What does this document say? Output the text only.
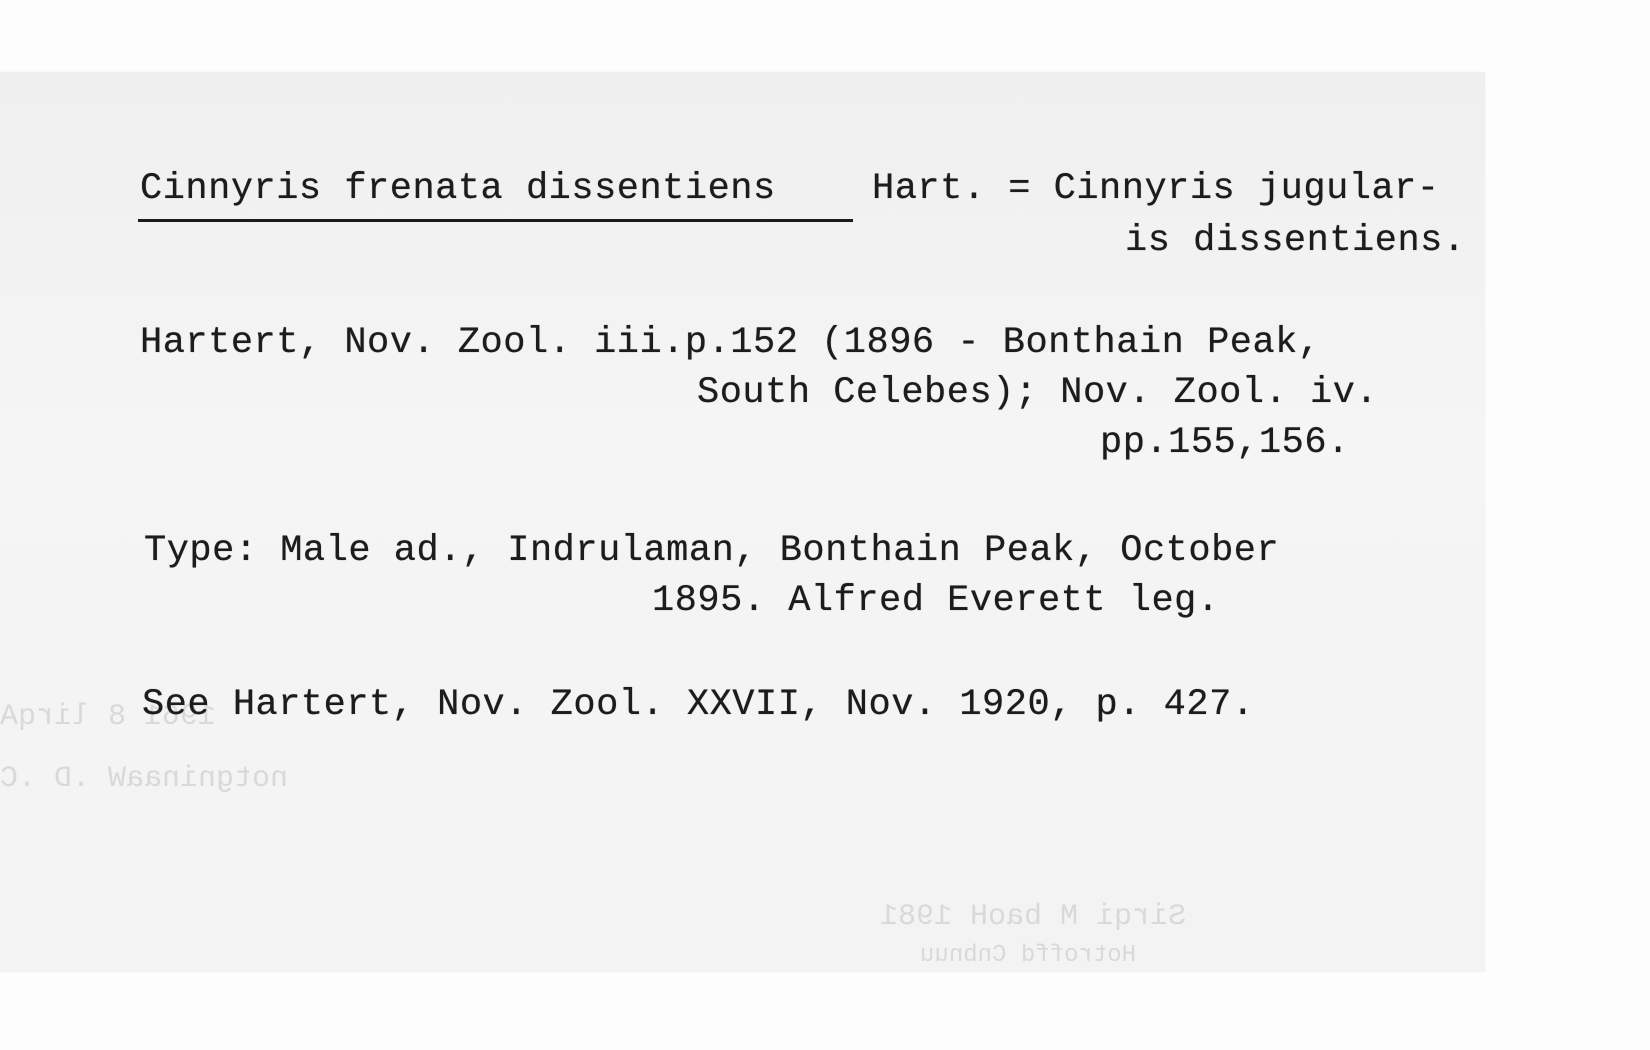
1961 8 lirqA
notgninaaW .D .C
Sirqi M baoH 1981
Hotroffd Cnbnuu
Cinnyris frenata dissentiens	Hart. = Cinnyris jugular-
is dissentiens.
Hartert, Nov. Zool. iii.p.152 (1896 - Bonthain Peak,
South Celebes); Nov. Zool. iv.
pp.155,156.
Type: Male ad., Indrulaman, Bonthain Peak, October
1895. Alfred Everett leg.
See Hartert, Nov. Zool. XXVII, Nov. 1920, p. 427.
